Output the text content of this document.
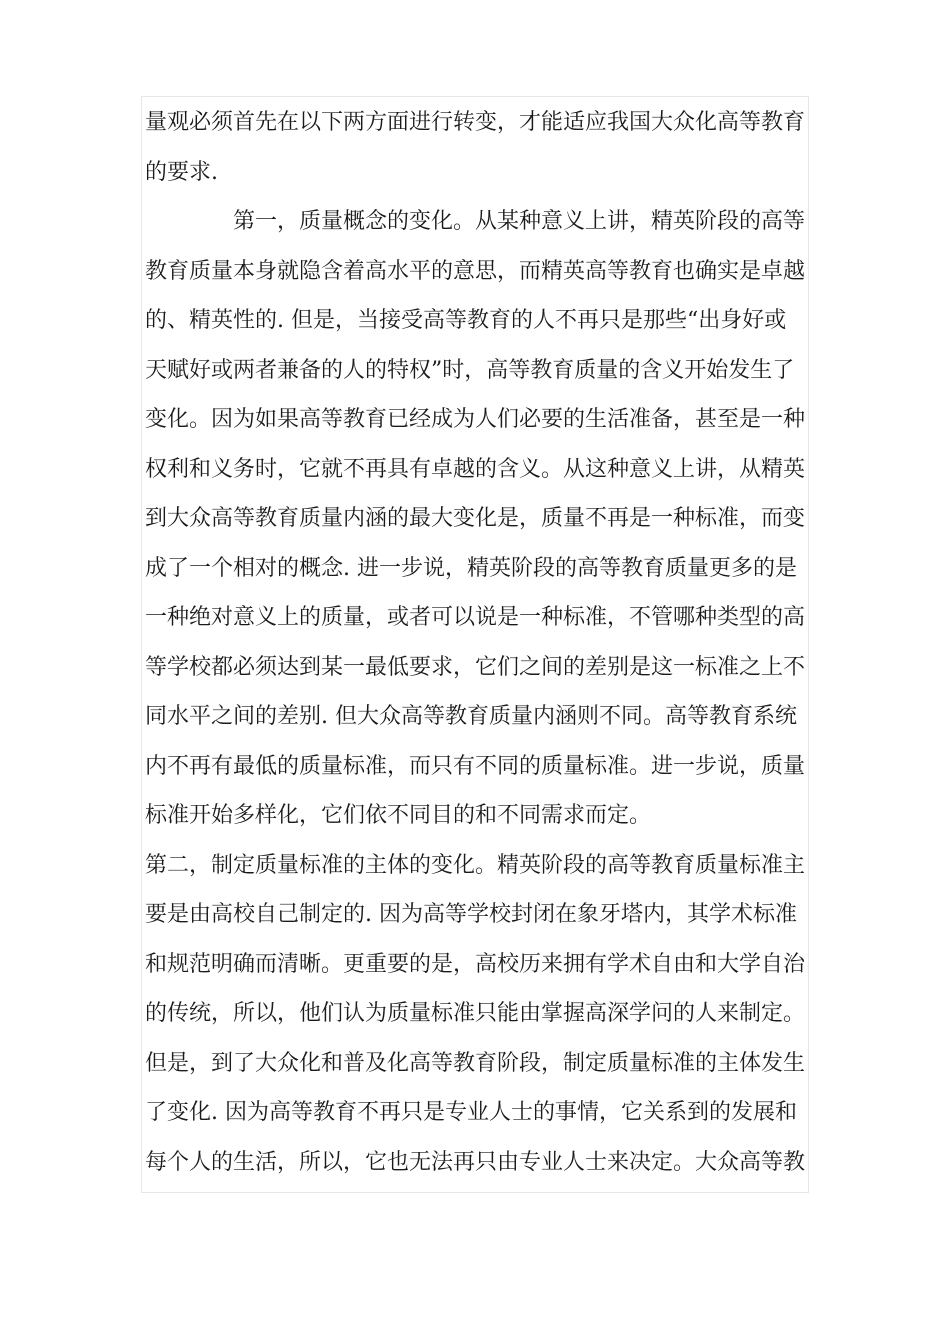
量观必须首先在以下两方面进行转变，才能适应我国大众化高等教育
的要求.
第一，质量概念的变化。从某种意义上讲，精英阶段的高等
教育质量本身就隐含着高水平的意思，而精英高等教育也确实是卓越
的、精英性的. 但是，当接受高等教育的人不再只是那些“出身好或
天赋好或两者兼备的人的特权”时，高等教育质量的含义开始发生了
变化。因为如果高等教育已经成为人们必要的生活准备，甚至是一种
权利和义务时，它就不再具有卓越的含义。从这种意义上讲，从精英
到大众高等教育质量内涵的最大变化是，质量不再是一种标准，而变
成了一个相对的概念. 进一步说，精英阶段的高等教育质量更多的是
一种绝对意义上的质量，或者可以说是一种标准，不管哪种类型的高
等学校都必须达到某一最低要求，它们之间的差别是这一标准之上不
同水平之间的差别. 但大众高等教育质量内涵则不同。高等教育系统
内不再有最低的质量标准，而只有不同的质量标准。进一步说，质量
标准开始多样化，它们依不同目的和不同需求而定。
第二，制定质量标准的主体的变化。精英阶段的高等教育质量标准主
要是由高校自己制定的. 因为高等学校封闭在象牙塔内，其学术标准
和规范明确而清晰。更重要的是，高校历来拥有学术自由和大学自治
的传统，所以，他们认为质量标准只能由掌握高深学问的人来制定。
但是，到了大众化和普及化高等教育阶段，制定质量标准的主体发生
了变化. 因为高等教育不再只是专业人士的事情，它关系到的发展和
每个人的生活，所以，它也无法再只由专业人士来决定。大众高等教
